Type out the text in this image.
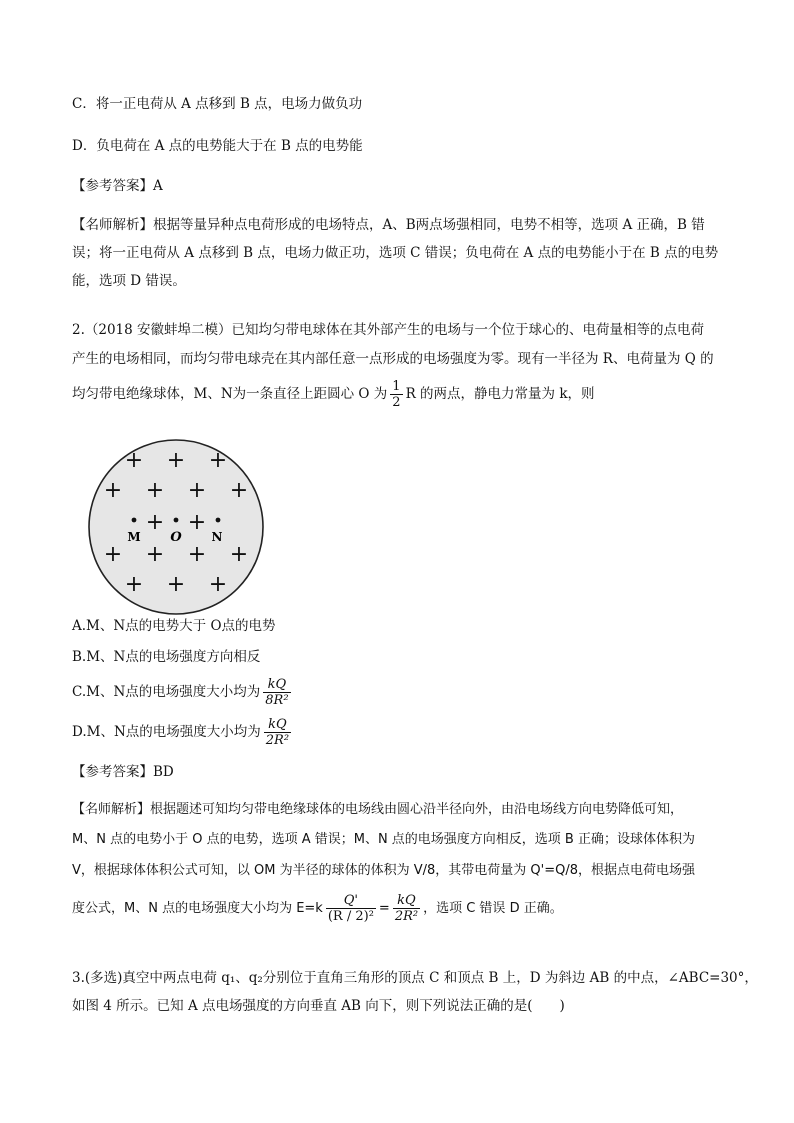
C．将一正电荷从 A 点移到 B 点，电场力做负功
D．负电荷在 A 点的电势能大于在 B 点的电势能
【参考答案】A
【名师解析】根据等量异种点电荷形成的电场特点，A、B两点场强相同，电势不相等，选项 A 正确，B 错
误；将一正电荷从 A 点移到 B 点，电场力做正功，选项 C 错误；负电荷在 A 点的电势能小于在 B 点的电势
能，选项 D 错误。
2.（2018 安徽蚌埠二模）已知均匀带电球体在其外部产生的电场与一个位于球心的、电荷量相等的点电荷
产生的电场相同，而均匀带电球壳在其内部任意一点形成的电场强度为零。现有一半径为 R、电荷量为 Q 的
均匀带电绝缘球体，M、N为一条直径上距圆心 O 为 $\frac{1}{2}$ R 的两点，静电力常量为 k，则
+ + +
+ + + +
+ +
+ + + +
+ + +
M O N
A.M、N点的电势大于 O点的电势
B.M、N点的电场强度方向相反
C.M、N点的电场强度大小均为 $\frac{kQ}{\text{8R²}}$
D.M、N点的电场强度大小均为 $\frac{kQ}{\text{2R²}}$
【参考答案】BD
【名师解析】根据题述可知均匀带电绝缘球体的电场线由圆心沿半径向外，由沿电场线方向电势降低可知，
M、N 点的电势小于 O 点的电势，选项 A 错误；M、N 点的电场强度方向相反，选项 B 正确；设球体体积为
V，根据球体体积公式可知，以 OM 为半径的球体的体积为 V/8，其带电荷量为 Q'=Q/8，根据点电荷电场强
度公式，M、N 点的电场强度大小均为 $E=k \frac{Q'}{\text{(R / 2)²}} = \frac{kQ}{\text{2R²}}$ ，选项 C 错误 D 正确。
3.(多选)真空中两点电荷 q₁、q₂分别位于直角三角形的顶点 C 和顶点 B 上，D 为斜边 AB 的中点，∠ABC=30°，
如图 4 所示。已知 A 点电场强度的方向垂直 AB 向下，则下列说法正确的是(　　)
